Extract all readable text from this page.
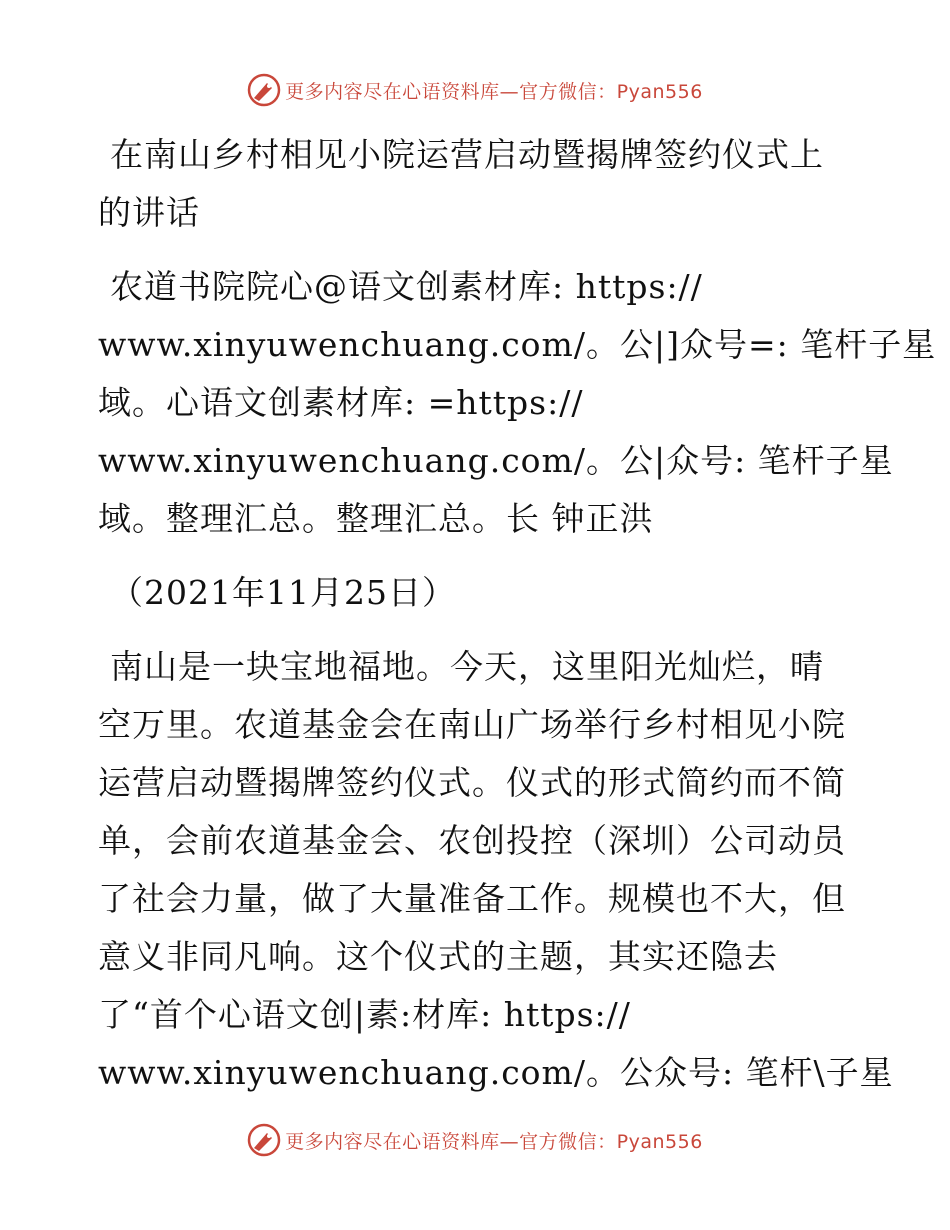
更多内容尽在心语资料库—官方微信：Pyan556
在南山乡村相见小院运营启动暨揭牌签约仪式上
的讲话
农道书院院心@语文创素材库: https://
www.xinyuwenchuang.com/。公|]众号=: 笔杆子星
域。心语文创素材库: =https://
www.xinyuwenchuang.com/。公|众号: 笔杆子星
域。整理汇总。整理汇总。长 钟正洪
（2021年11月25日）
南山是一块宝地福地。今天，这里阳光灿烂，晴
空万里。农道基金会在南山广场举行乡村相见小院
运营启动暨揭牌签约仪式。仪式的形式简约而不简
单，会前农道基金会、农创投控（深圳）公司动员
了社会力量，做了大量准备工作。规模也不大，但
意义非同凡响。这个仪式的主题，其实还隐去
了“首个心语文创|素:材库: https://
www.xinyuwenchuang.com/。公众号: 笔杆\子星
更多内容尽在心语资料库—官方微信：Pyan556
